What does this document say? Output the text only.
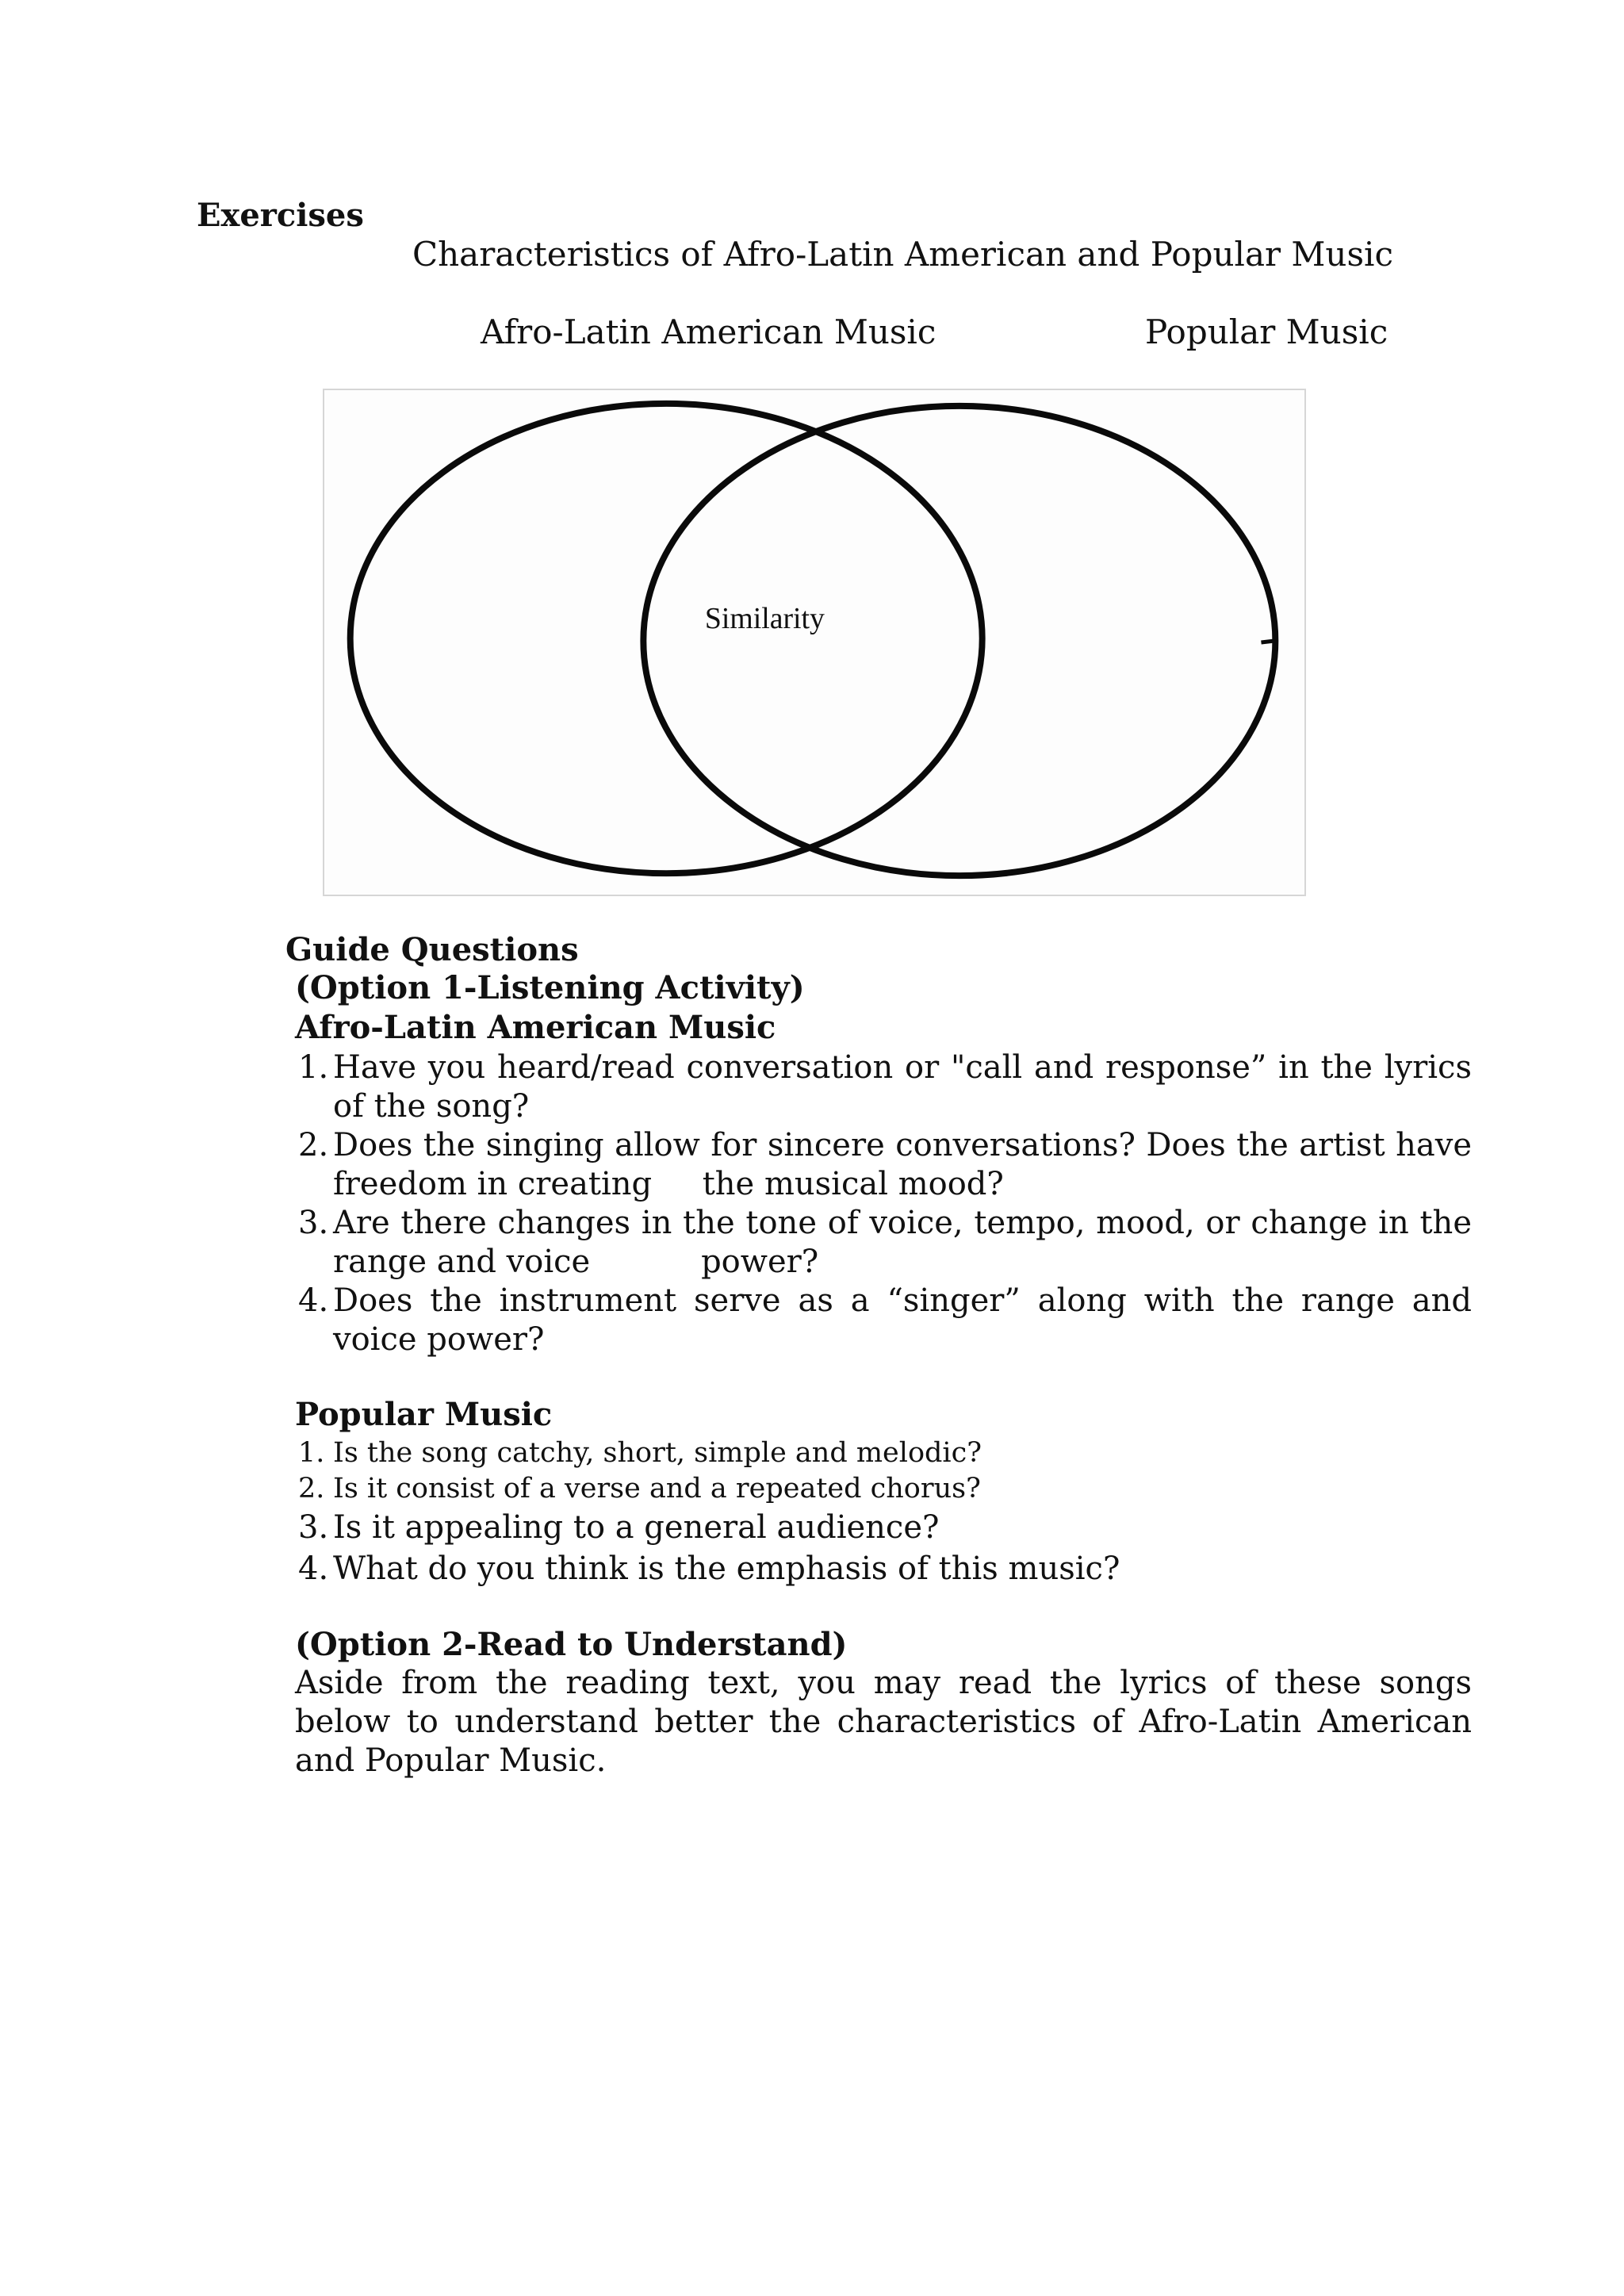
Exercises
Characteristics of Afro-Latin American and Popular Music
Afro-Latin American Music	Popular Music
Similarity
Guide Questions
(Option 1-Listening Activity)
Afro-Latin American Music
1. Have you heard/read conversation or "call and response” in the lyrics of the song?
2. Does the singing allow for sincere conversations? Does the artist have freedom in creating     the musical mood?
3. Are there changes in the tone of voice, tempo, mood, or change in the range and voice           power?
4. Does the instrument serve as a “singer” along with the range and voice power?
Popular Music
1. Is the song catchy, short, simple and melodic?
2. Is it consist of a verse and a repeated chorus?
3. Is it appealing to a general audience?
4. What do you think is the emphasis of this music?
(Option 2-Read to Understand)
Aside from the reading text, you may read the lyrics of these songs below to understand better the characteristics of Afro-Latin American and Popular Music.
